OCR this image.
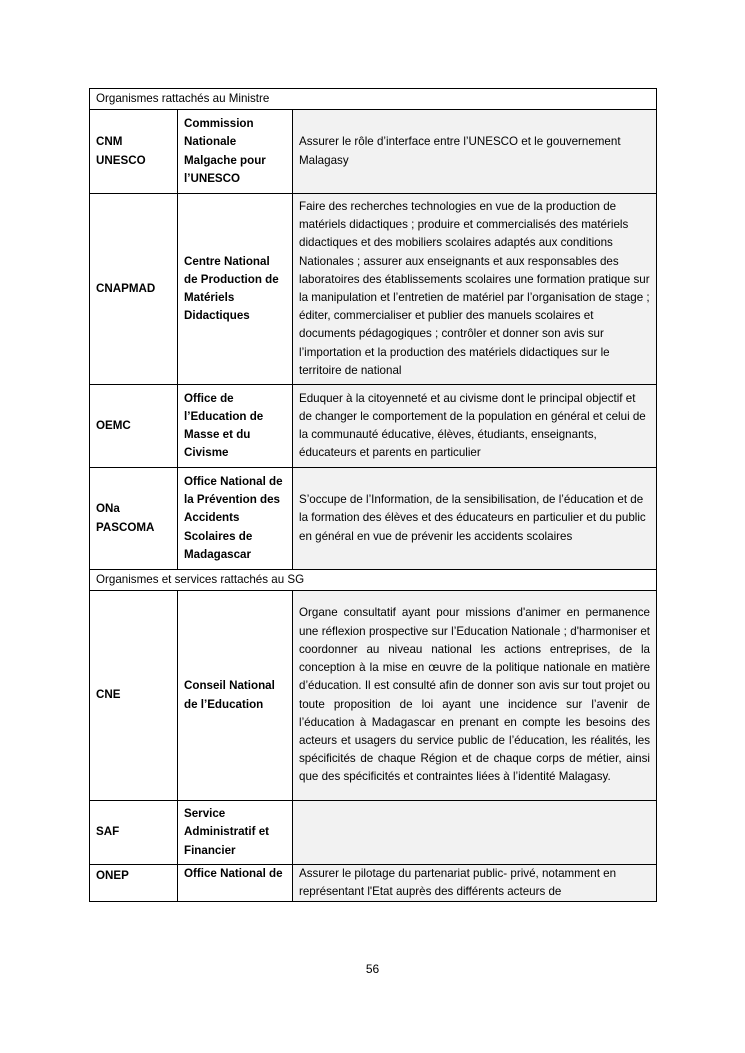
Organismes rattachés au Ministre		
CNM UNESCO	Commission Nationale Malgache pour l’UNESCO	Assurer le rôle d’interface entre l’UNESCO et le gouvernement Malagasy
CNAPMAD	Centre National de Production de Matériels Didactiques	Faire des recherches technologies en vue de la production de matériels didactiques ; produire et commercialisés des matériels didactiques et des mobiliers scolaires adaptés aux conditions Nationales ; assurer aux enseignants et aux responsables des laboratoires des établissements scolaires une formation pratique sur la manipulation et l’entretien de matériel par l’organisation de stage ; éditer, commercialiser et publier des manuels scolaires et documents pédagogiques ; contrôler et donner son avis sur l’importation et la production des matériels didactiques sur le territoire de national
OEMC	Office de l’Education de Masse et du Civisme	Eduquer à la citoyenneté et au civisme dont le principal objectif et de changer le comportement de la population en général et celui de la communauté éducative, élèves, étudiants, enseignants, éducateurs et parents en particulier
ONa PASCOMA	Office National de la Prévention des Accidents Scolaires de Madagascar	S’occupe de l’Information, de la sensibilisation, de l’éducation et de la formation des élèves et des éducateurs en particulier et du public en général en vue de prévenir les accidents scolaires
Organismes et services rattachés au SG		
CNE	Conseil National de l’Education	Organe consultatif ayant pour missions d'animer en permanence une réflexion prospective sur l’Education Nationale ; d'harmoniser et coordonner au niveau national les actions entreprises, de la conception à la mise en œuvre de la politique nationale en matière d’éducation. Il est consulté afin de donner son avis sur tout projet ou toute proposition de loi ayant une incidence sur l’avenir de l’éducation à Madagascar en prenant en compte les besoins des acteurs et usagers du service public de l’éducation, les réalités, les spécificités de chaque Région et de chaque corps de métier, ainsi que des spécificités et contraintes liées à l’identité Malagasy.
SAF	Service Administratif et Financier	
ONEP	Office National de	Assurer le pilotage du partenariat public- privé, notamment en représentant l'Etat auprès des différents acteurs de
56
